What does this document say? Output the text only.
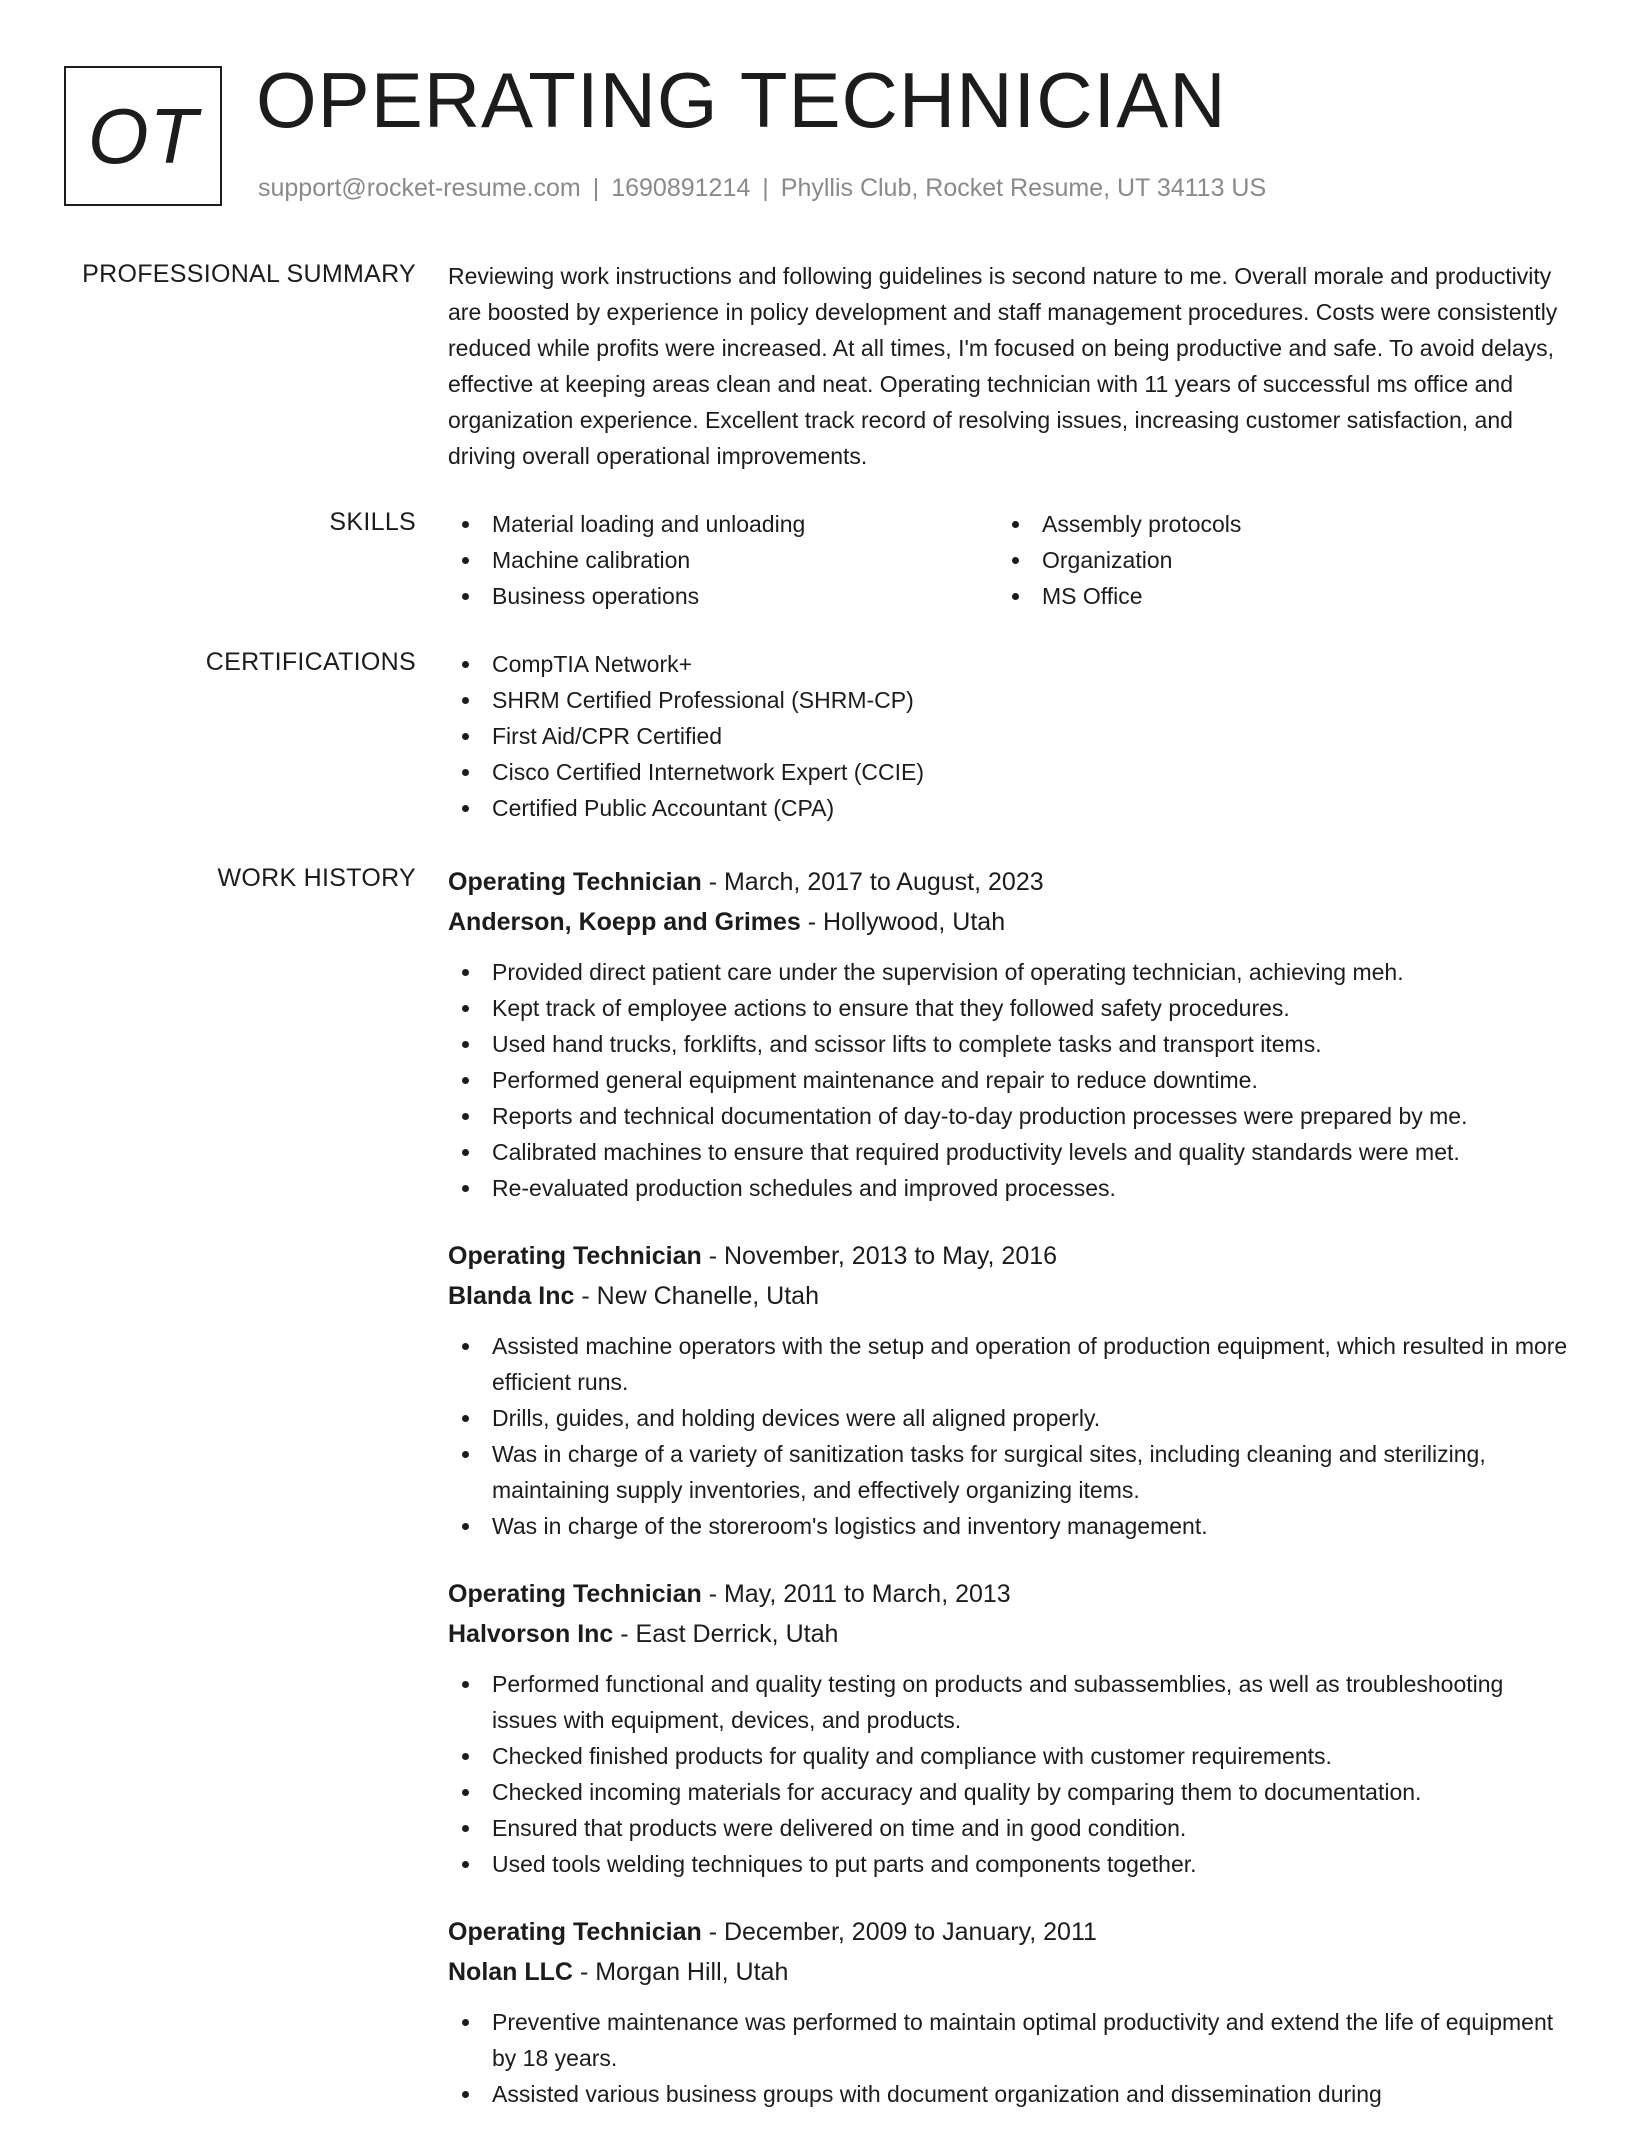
OT OPERATING TECHNICIAN
support@rocket-resume.com | 1690891214 | Phyllis Club, Rocket Resume, UT 34113 US
PROFESSIONAL SUMMARY Reviewing work instructions and following guidelines is second nature to me. Overall morale and productivity are boosted by experience in policy development and staff management procedures. Costs were consistently reduced while profits were increased. At all times, I'm focused on being productive and safe. To avoid delays, effective at keeping areas clean and neat. Operating technician with 11 years of successful ms office and organization experience. Excellent track record of resolving issues, increasing customer satisfaction, and driving overall operational improvements.

SKILLS	Material loading and unloading
Machine calibration
Business operations
Assembly protocols
Organization
MS Office
CERTIFICATIONS	CompTIA Network+
SHRM Certified Professional (SHRM-CP)
First Aid/CPR Certified
Cisco Certified Internetwork Expert (CCIE)
Certified Public Accountant (CPA)
WORK HISTORY Operating Technician - March, 2017 to August, 2023
Anderson, Koepp and Grimes - Hollywood, Utah
Provided direct patient care under the supervision of operating technician, achieving meh.
Kept track of employee actions to ensure that they followed safety procedures.
Used hand trucks, forklifts, and scissor lifts to complete tasks and transport items.
Performed general equipment maintenance and repair to reduce downtime.
Reports and technical documentation of day-to-day production processes were prepared by me.
Calibrated machines to ensure that required productivity levels and quality standards were met.
Re-evaluated production schedules and improved processes.
Operating Technician - November, 2013 to May, 2016
Blanda Inc - New Chanelle, Utah
Assisted machine operators with the setup and operation of production equipment, which resulted in more efficient runs.
Drills, guides, and holding devices were all aligned properly.
Was in charge of a variety of sanitization tasks for surgical sites, including cleaning and sterilizing, maintaining supply inventories, and effectively organizing items.
Was in charge of the storeroom's logistics and inventory management.
Operating Technician - May, 2011 to March, 2013
Halvorson Inc - East Derrick, Utah
Performed functional and quality testing on products and subassemblies, as well as troubleshooting issues with equipment, devices, and products.
Checked finished products for quality and compliance with customer requirements.
Checked incoming materials for accuracy and quality by comparing them to documentation.
Ensured that products were delivered on time and in good condition.
Used tools welding techniques to put parts and components together.
Operating Technician - December, 2009 to January, 2011
Nolan LLC - Morgan Hill, Utah
Preventive maintenance was performed to maintain optimal productivity and extend the life of equipment by 18 years.
Assisted various business groups with document organization and dissemination during
